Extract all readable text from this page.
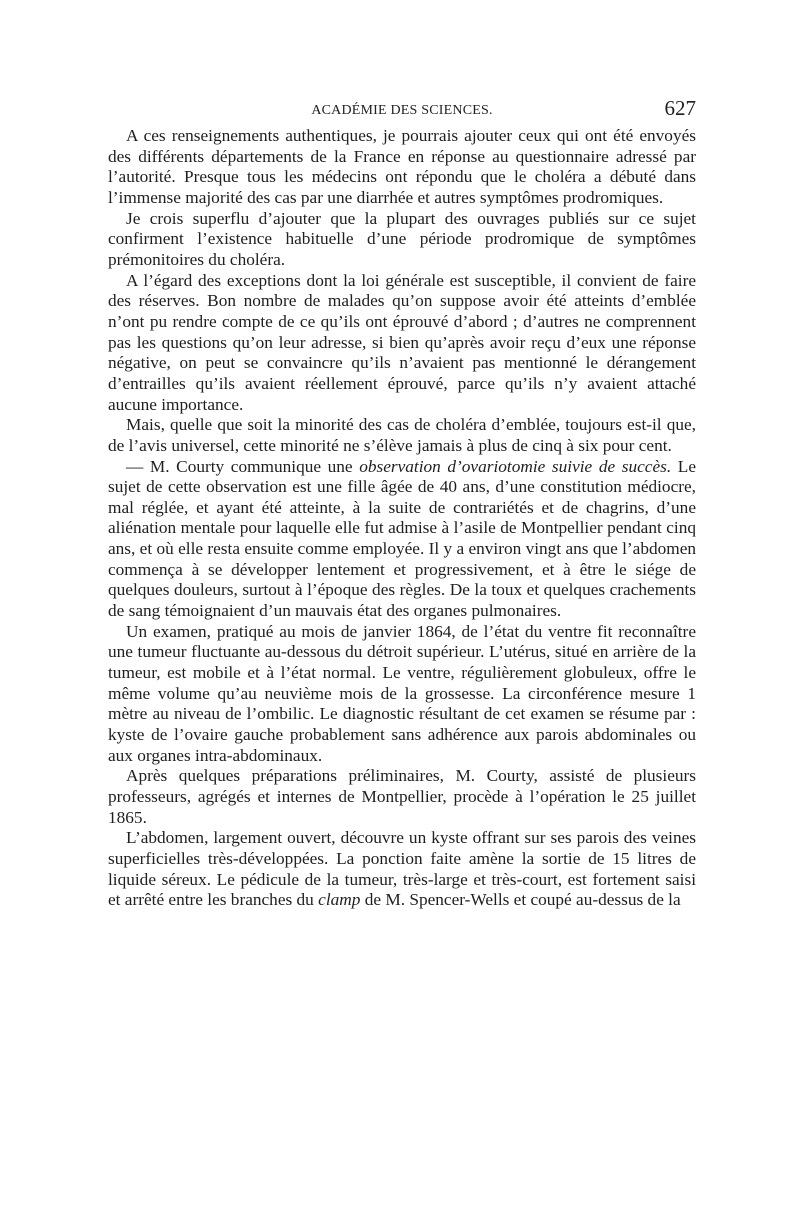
ACADÉMIE DES SCIENCES.	627

A ces renseignements authentiques, je pourrais ajouter ceux qui ont été envoyés des différents départements de la France en réponse au questionnaire adressé par l’autorité. Presque tous les médecins ont répondu que le choléra a débuté dans l’immense majorité des cas par une diarrhée et autres symptômes prodromiques.

Je crois superflu d’ajouter que la plupart des ouvrages publiés sur ce sujet confirment l’existence habituelle d’une période prodromique de symptômes prémonitoires du choléra.

A l’égard des exceptions dont la loi générale est susceptible, il convient de faire des réserves. Bon nombre de malades qu’on suppose avoir été atteints d’emblée n’ont pu rendre compte de ce qu’ils ont éprouvé d’abord ; d’autres ne comprennent pas les questions qu’on leur adresse, si bien qu’après avoir reçu d’eux une réponse négative, on peut se convaincre qu’ils n’avaient pas mentionné le dérangement d’entrailles qu’ils avaient réellement éprouvé, parce qu’ils n’y avaient attaché aucune importance.

Mais, quelle que soit la minorité des cas de choléra d’emblée, toujours est-il que, de l’avis universel, cette minorité ne s’élève jamais à plus de cinq à six pour cent.

— M. Courty communique une observation d’ovariotomie suivie de succès. Le sujet de cette observation est une fille âgée de 40 ans, d’une constitution médiocre, mal réglée, et ayant été atteinte, à la suite de contrariétés et de chagrins, d’une aliénation mentale pour laquelle elle fut admise à l’asile de Montpellier pendant cinq ans, et où elle resta ensuite comme employée. Il y a environ vingt ans que l’abdomen commença à se développer lentement et progressivement, et à être le siége de quelques douleurs, surtout à l’époque des règles. De la toux et quelques crachements de sang témoignaient d’un mauvais état des organes pulmonaires.

Un examen, pratiqué au mois de janvier 1864, de l’état du ventre fit reconnaître une tumeur fluctuante au-dessous du détroit supérieur. L’utérus, situé en arrière de la tumeur, est mobile et à l’état normal. Le ventre, régulièrement globuleux, offre le même volume qu’au neuvième mois de la grossesse. La circonférence mesure 1 mètre au niveau de l’ombilic. Le diagnostic résultant de cet examen se résume par : kyste de l’ovaire gauche probablement sans adhérence aux parois abdominales ou aux organes intra-abdominaux.

Après quelques préparations préliminaires, M. Courty, assisté de plusieurs professeurs, agrégés et internes de Montpellier, procède à l’opération le 25 juillet 1865.

L’abdomen, largement ouvert, découvre un kyste offrant sur ses parois des veines superficielles très-développées. La ponction faite amène la sortie de 15 litres de liquide séreux. Le pédicule de la tumeur, très-large et très-court, est fortement saisi et arrêté entre les branches du clamp de M. Spencer-Wells et coupé au-dessus de la
